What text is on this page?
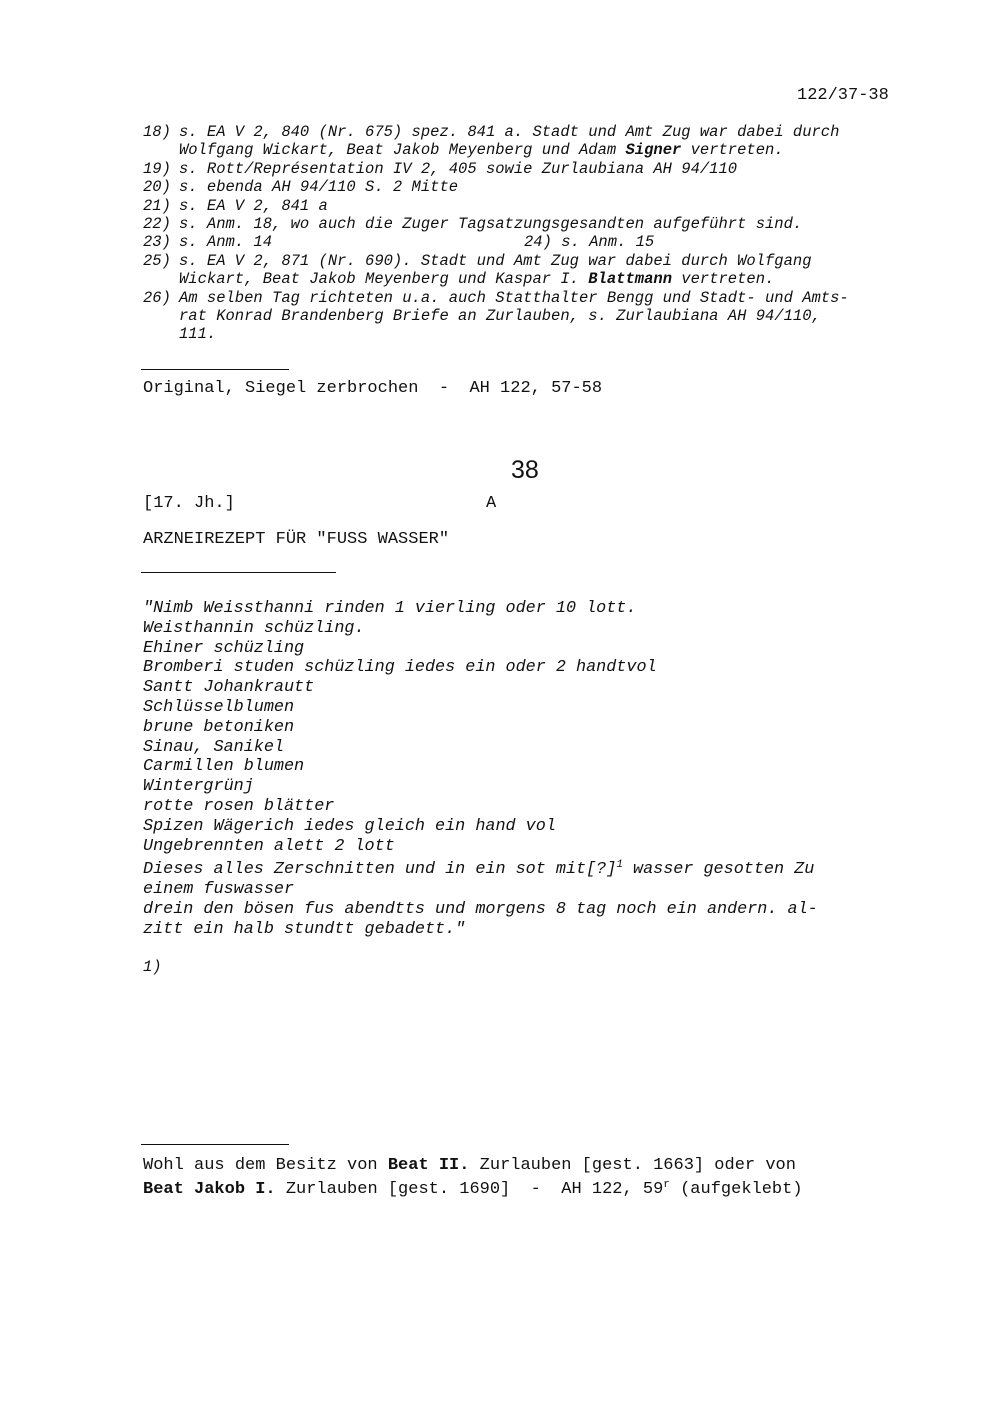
122/37-38
18) s. EA V 2, 840 (Nr. 675) spez. 841 a. Stadt und Amt Zug war dabei durch
Wolfgang Wickart, Beat Jakob Meyenberg und Adam Signer vertreten.
19) s. Rott/Représentation IV 2, 405 sowie Zurlaubiana AH 94/110
20) s. ebenda AH 94/110 S. 2 Mitte
21) s. EA V 2, 841 a
22) s. Anm. 18, wo auch die Zuger Tagsatzungsgesandten aufgeführt sind.
23) s. Anm. 14	24) s. Anm. 15
25) s. EA V 2, 871 (Nr. 690). Stadt und Amt Zug war dabei durch Wolfgang
Wickart, Beat Jakob Meyenberg und Kaspar I. Blattmann vertreten.
26) Am selben Tag richteten u.a. auch Statthalter Bengg und Stadt- und Amts-
rat Konrad Brandenberg Briefe an Zurlauben, s. Zurlaubiana AH 94/110,
111.
Original, Siegel zerbrochen  -  AH 122, 57-58
38
[17. Jh.]	A
ARZNEIREZEPT FÜR "FUSS WASSER"
"Nimb Weissthanni rinden 1 vierling oder 10 lott.
Weisthannin schüzling.
Ehiner schüzling
Bromberi studen schüzling iedes ein oder 2 handtvol
Santt Johankrautt
Schlüsselblumen
brune betoniken
Sinau, Sanikel
Carmillen blumen
Wintergrünj
rotte rosen blätter
Spizen Wägerich iedes gleich ein hand vol
Ungebrennten alett 2 lott
Dieses alles Zerschnitten und in ein sot mit[?]$^1$ wasser gesotten Zu
einem fuswasser
drein den bösen fus abendtts und morgens 8 tag noch ein andern. al-
zitt ein halb stundtt gebadett."
1)
Wohl aus dem Besitz von Beat II. Zurlauben [gest. 1663] oder von
Beat Jakob I. Zurlauben [gest. 1690]  -  AH 122, 59$^r$ (aufgeklebt)
